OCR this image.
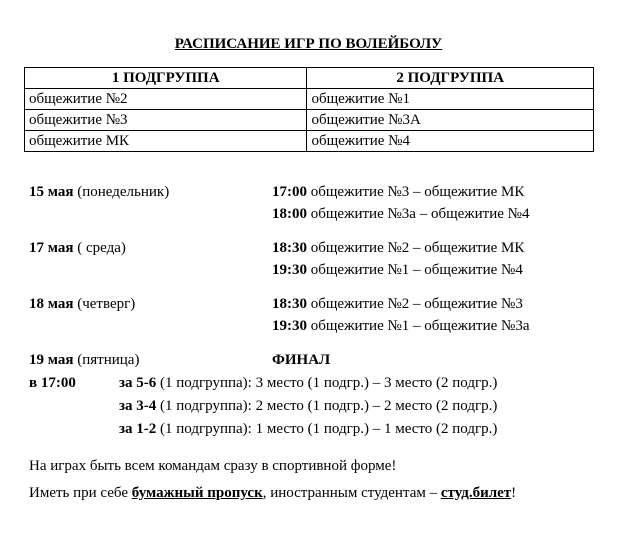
РАСПИСАНИЕ ИГР ПО ВОЛЕЙБОЛУ
1 ПОДГРУППА	2 ПОДГРУППА
общежитие №2	общежитие №1
общежитие №3	общежитие №3А
общежитие МК	общежитие №4
15 мая (понедельник)	17:00 общежитие №3 – общежитие МК
18:00 общежитие №3а – общежитие №4
17 мая ( среда)	18:30 общежитие №2 – общежитие МК
19:30 общежитие №1 – общежитие №4
18 мая (четверг)	18:30 общежитие №2 – общежитие №3
19:30 общежитие №1 – общежитие №3а
19 мая (пятница)	ФИНАЛ
в 17:00	за 5-6 (1 подгруппа): 3 место (1 подгр.) – 3 место (2 подгр.)
за 3-4 (1 подгруппа): 2 место (1 подгр.) – 2 место (2 подгр.)
за 1-2 (1 подгруппа): 1 место (1 подгр.) – 1 место (2 подгр.)
На играх быть всем командам сразу в спортивной форме!
Иметь при себе бумажный пропуск, иностранным студентам – студ.билет!
